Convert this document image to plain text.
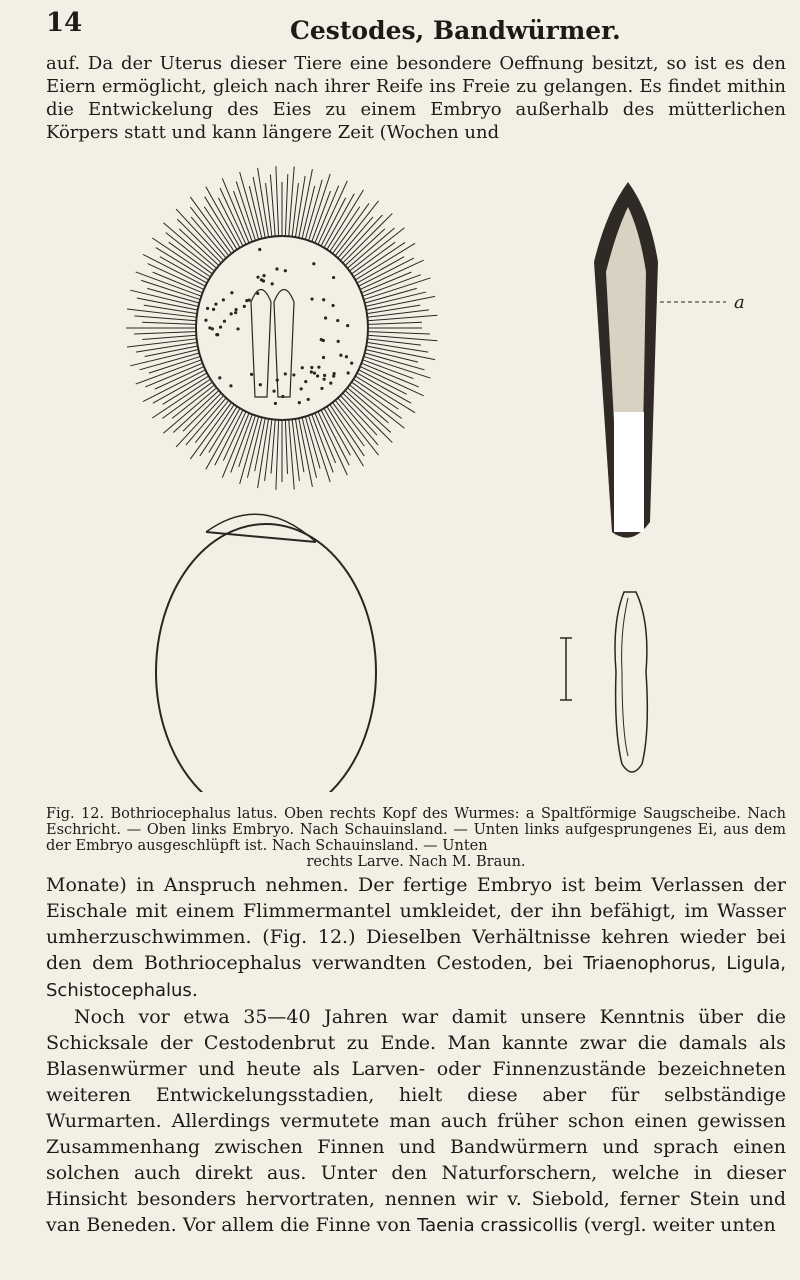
14	Cestodes, Bandwürmer.
auf. Da der Uterus dieser Tiere eine besondere Oeffnung besitzt, so ist es den Eiern ermöglicht, gleich nach ihrer Reife ins Freie zu gelangen. Es findet mithin die Entwickelung des Eies zu einem Embryo außerhalb des mütterlichen Körpers statt und kann längere Zeit (Wochen und
a
Fig. 12. Bothriocephalus latus. Oben rechts Kopf des Wurmes: a Spaltförmige Saugscheibe. Nach Eschricht. — Oben links Embryo. Nach Schauinsland. — Unten links aufgesprungenes Ei, aus dem der Embryo ausgeschlüpft ist. Nach Schauinsland. — Unten
rechts Larve. Nach M. Braun.

Monate) in Anspruch nehmen. Der fertige Embryo ist beim Verlassen der Eischale mit einem Flimmermantel umkleidet, der ihn befähigt, im Wasser umherzuschwimmen. (Fig. 12.) Dieselben Verhältnisse kehren wieder bei den dem Bothriocephalus verwandten Cestoden, bei Triaenophorus, Ligula, Schistocephalus.

Noch vor etwa 35—40 Jahren war damit unsere Kenntnis über die Schicksale der Cestodenbrut zu Ende. Man kannte zwar die damals als Blasenwürmer und heute als Larven- oder Finnenzustände bezeichneten weiteren Entwickelungsstadien, hielt diese aber für selbständige Wurmarten. Allerdings vermutete man auch früher schon einen gewissen Zusammenhang zwischen Finnen und Bandwürmern und sprach einen solchen auch direkt aus. Unter den Naturforschern, welche in dieser Hinsicht besonders hervortraten, nennen wir v. Siebold, ferner Stein und van Beneden. Vor allem die Finne von Taenia crassicollis (vergl. weiter unten
